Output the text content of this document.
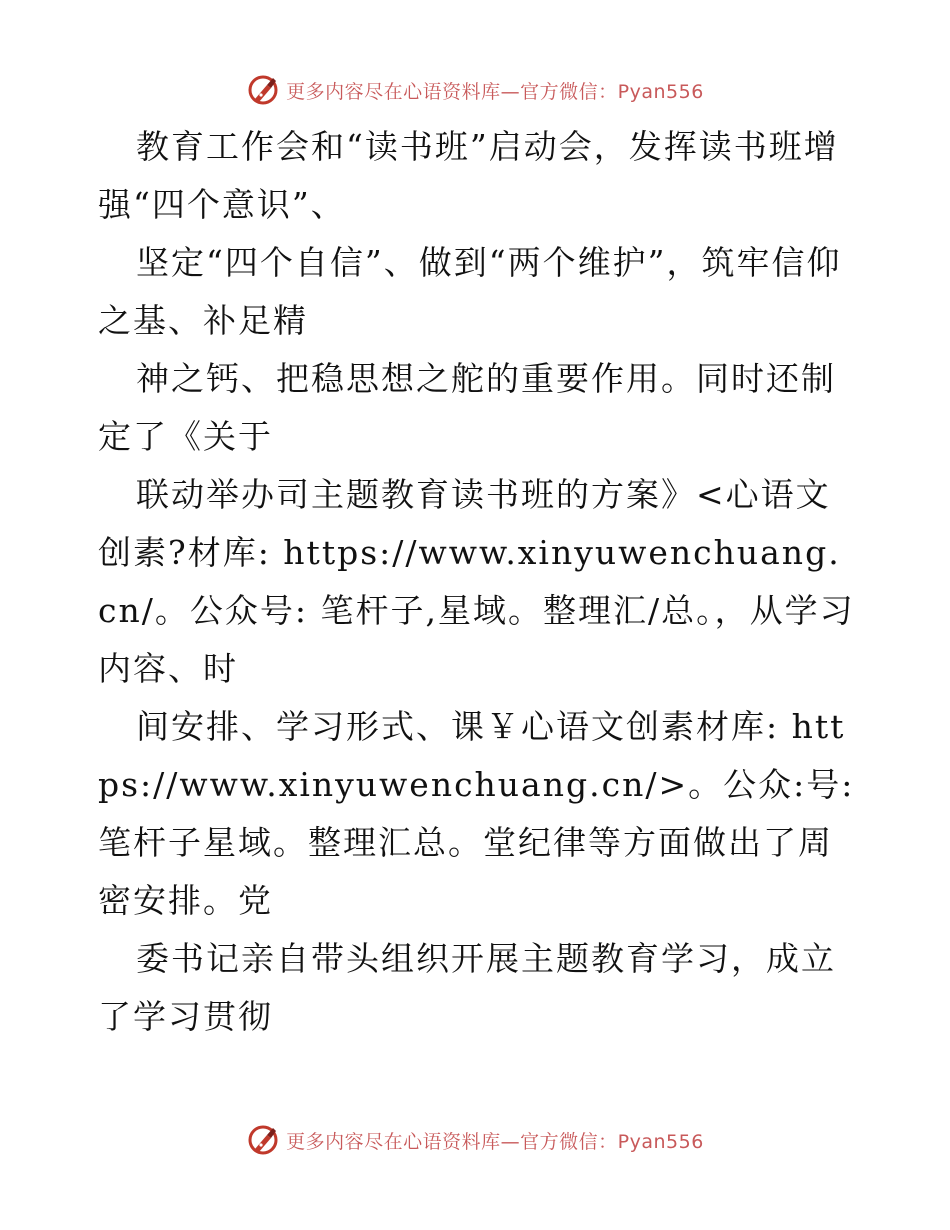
更多内容尽在心语资料库—官方微信：Pyan556

教育工作会和“读书班”启动会，发挥读书班增强“四个意识”、

坚定“四个自信”、做到“两个维护”，筑牢信仰之基、补足精

神之钙、把稳思想之舵的重要作用。同时还制定了《关于

联动举办司主题教育读书班的方案》<心语文创素?材库: https://www.xinyuwenchuang.cn/。公众号: 笔杆子,星域。整理汇/总。，从学习内容、时

间安排、学习形式、课￥心语文创素材库: https://www.xinyuwenchuang.cn/>。公众:号: 笔杆子星域。整理汇总。堂纪律等方面做出了周密安排。党

委书记亲自带头组织开展主题教育学习，成立了学习贯彻

更多内容尽在心语资料库—官方微信：Pyan556
